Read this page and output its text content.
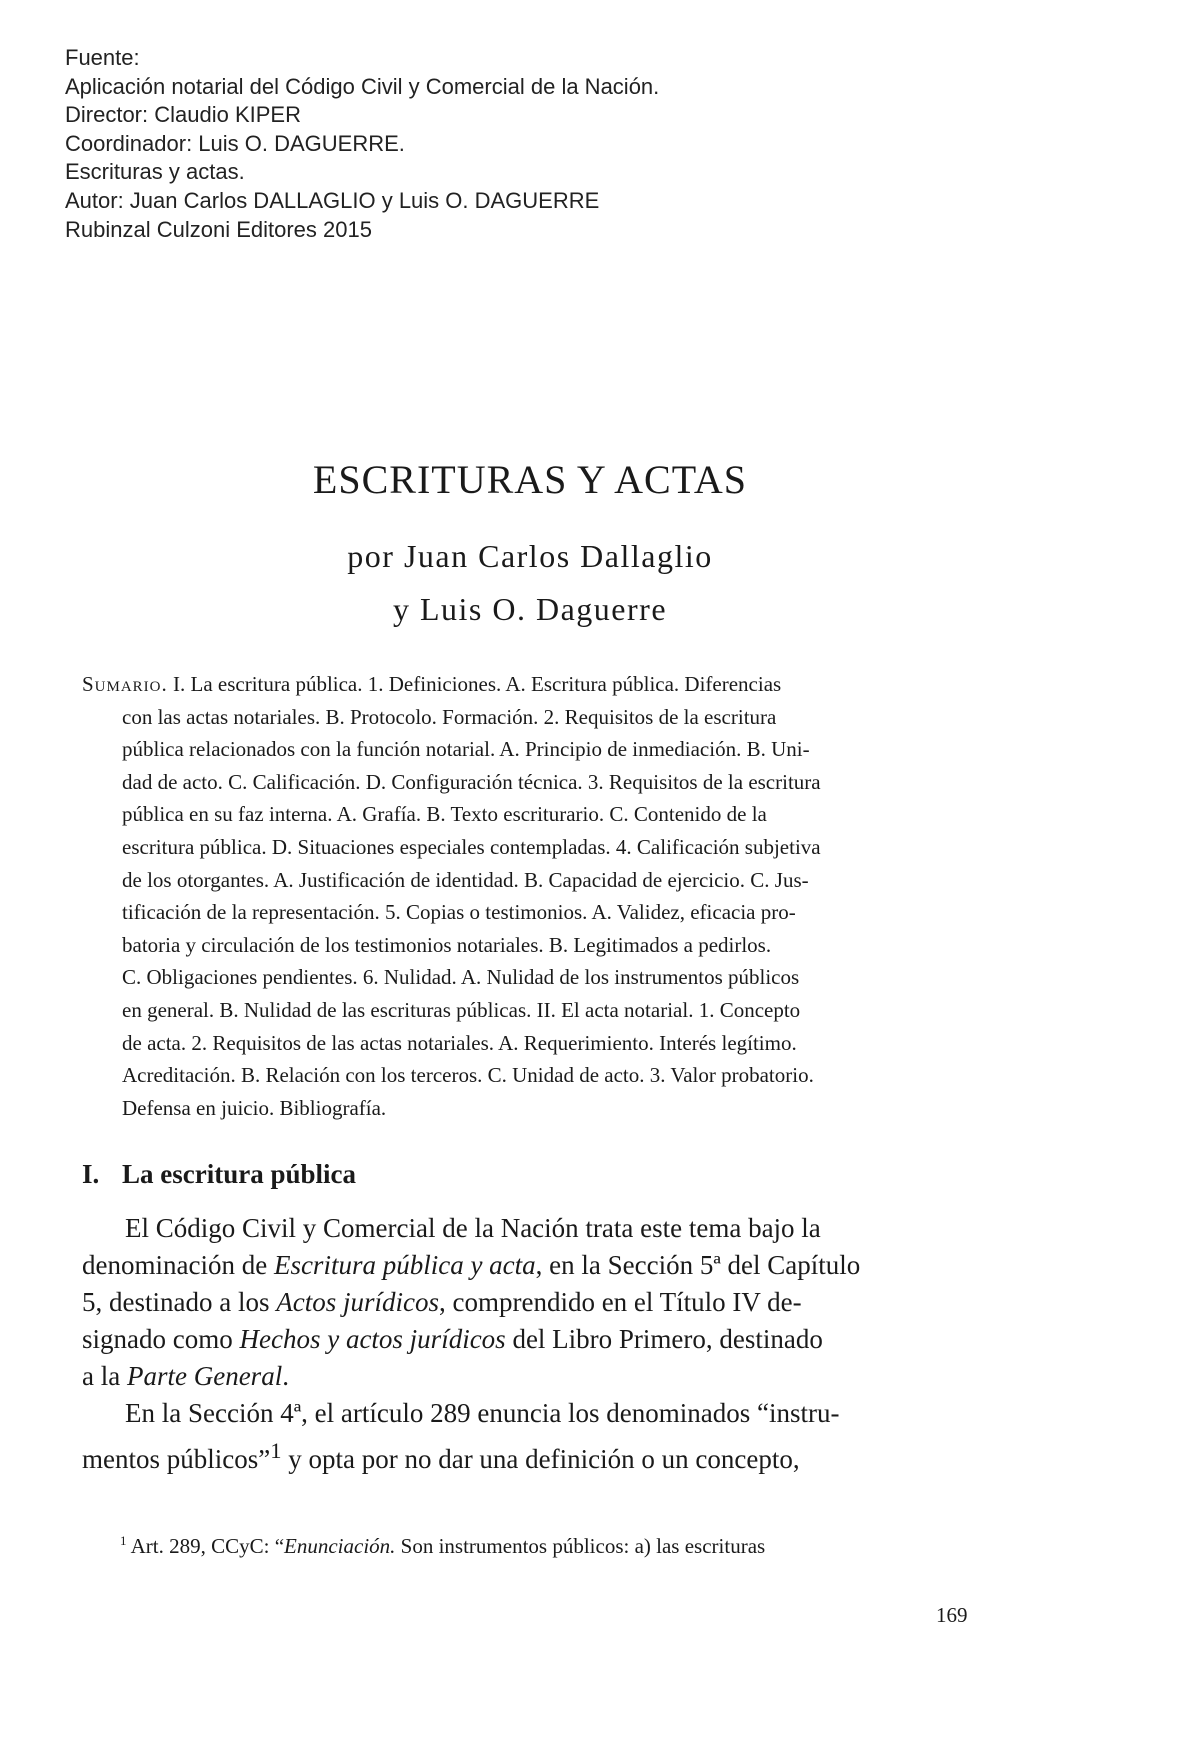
Fuente:
Aplicación notarial del Código Civil y Comercial de la Nación.
Director: Claudio KIPER
Coordinador: Luis O. DAGUERRE.
Escrituras y actas.
Autor: Juan Carlos DALLAGLIO y Luis O. DAGUERRE
Rubinzal Culzoni Editores 2015
ESCRITURAS Y ACTAS
por Juan Carlos Dallaglio
y Luis O. Daguerre
Sumario. I. La escritura pública. 1. Definiciones. A. Escritura pública. Diferencias
con las actas notariales. B. Protocolo. Formación. 2. Requisitos de la escritura
pública relacionados con la función notarial. A. Principio de inmediación. B. Uni-
dad de acto. C. Calificación. D. Configuración técnica. 3. Requisitos de la escritura
pública en su faz interna. A. Grafía. B. Texto escriturario. C. Contenido de la
escritura pública. D. Situaciones especiales contempladas. 4. Calificación subjetiva
de los otorgantes. A. Justificación de identidad. B. Capacidad de ejercicio. C. Jus-
tificación de la representación. 5. Copias o testimonios. A. Validez, eficacia pro-
batoria y circulación de los testimonios notariales. B. Legitimados a pedirlos.
C. Obligaciones pendientes. 6. Nulidad. A. Nulidad de los instrumentos públicos
en general. B. Nulidad de las escrituras públicas. II. El acta notarial. 1. Concepto
de acta. 2. Requisitos de las actas notariales. A. Requerimiento. Interés legítimo.
Acreditación. B. Relación con los terceros. C. Unidad de acto. 3. Valor probatorio.
Defensa en juicio. Bibliografía.
I. La escritura pública
El Código Civil y Comercial de la Nación trata este tema bajo la
denominación de Escritura pública y acta, en la Sección 5ª del Capítulo
5, destinado a los Actos jurídicos, comprendido en el Título IV de-
signado como Hechos y actos jurídicos del Libro Primero, destinado
a la Parte General.
En la Sección 4ª, el artículo 289 enuncia los denominados “instru-
mentos públicos”$^1$ y opta por no dar una definición o un concepto,
$^1$ Art. 289, CCyC: “Enunciación. Son instrumentos públicos: a) las escrituras
169
